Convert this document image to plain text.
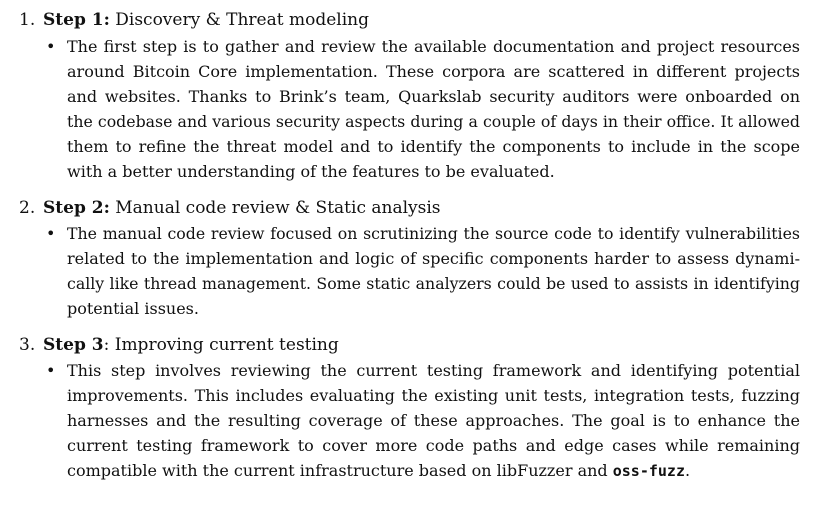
1. Step 1: Discovery & Threat modeling
• The first step is to gather and review the available documentation and project resources
around Bitcoin Core implementation. These corpora are scattered in different projects
and websites. Thanks to Brink’s team, Quarkslab security auditors were onboarded on
the codebase and various security aspects during a couple of days in their office. It allowed
them to refine the threat model and to identify the components to include in the scope
with a better understanding of the features to be evaluated.
2. Step 2: Manual code review & Static analysis
• The manual code review focused on scrutinizing the source code to identify vulnerabilities
related to the implementation and logic of specific components harder to assess dynami-
cally like thread management. Some static analyzers could be used to assists in identifying
potential issues.
3. Step 3: Improving current testing
• This step involves reviewing the current testing framework and identifying potential
improvements. This includes evaluating the existing unit tests, integration tests, fuzzing
harnesses and the resulting coverage of these approaches. The goal is to enhance the
current testing framework to cover more code paths and edge cases while remaining
compatible with the current infrastructure based on libFuzzer and oss-fuzz.
